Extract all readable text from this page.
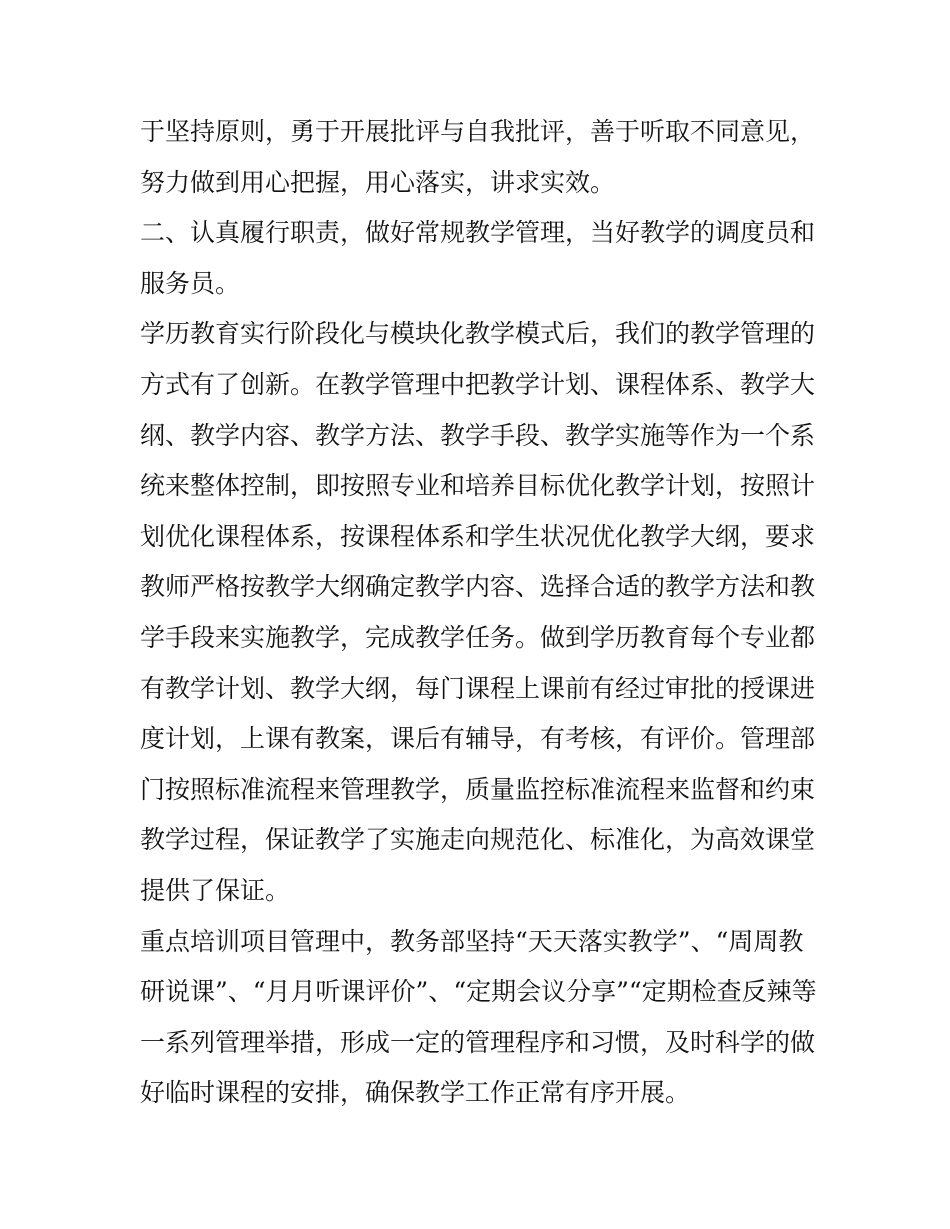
于坚持原则，勇于开展批评与自我批评，善于听取不同意见，
努力做到用心把握，用心落实，讲求实效。
二、认真履行职责，做好常规教学管理，当好教学的调度员和
服务员。
学历教育实行阶段化与模块化教学模式后，我们的教学管理的
方式有了创新。在教学管理中把教学计划、课程体系、教学大
纲、教学内容、教学方法、教学手段、教学实施等作为一个系
统来整体控制，即按照专业和培养目标优化教学计划，按照计
划优化课程体系，按课程体系和学生状况优化教学大纲，要求
教师严格按教学大纲确定教学内容、选择合适的教学方法和教
学手段来实施教学，完成教学任务。做到学历教育每个专业都
有教学计划、教学大纲，每门课程上课前有经过审批的授课进
度计划，上课有教案，课后有辅导，有考核，有评价。管理部
门按照标准流程来管理教学，质量监控标准流程来监督和约束
教学过程，保证教学了实施走向规范化、标准化，为高效课堂
提供了保证。
重点培训项目管理中，教务部坚持“天天落实教学”、“周周教
研说课”、“月月听课评价”、“定期会议分享”“定期检查反辣等
一系列管理举措，形成一定的管理程序和习惯，及时科学的做
好临时课程的安排，确保教学工作正常有序开展。
